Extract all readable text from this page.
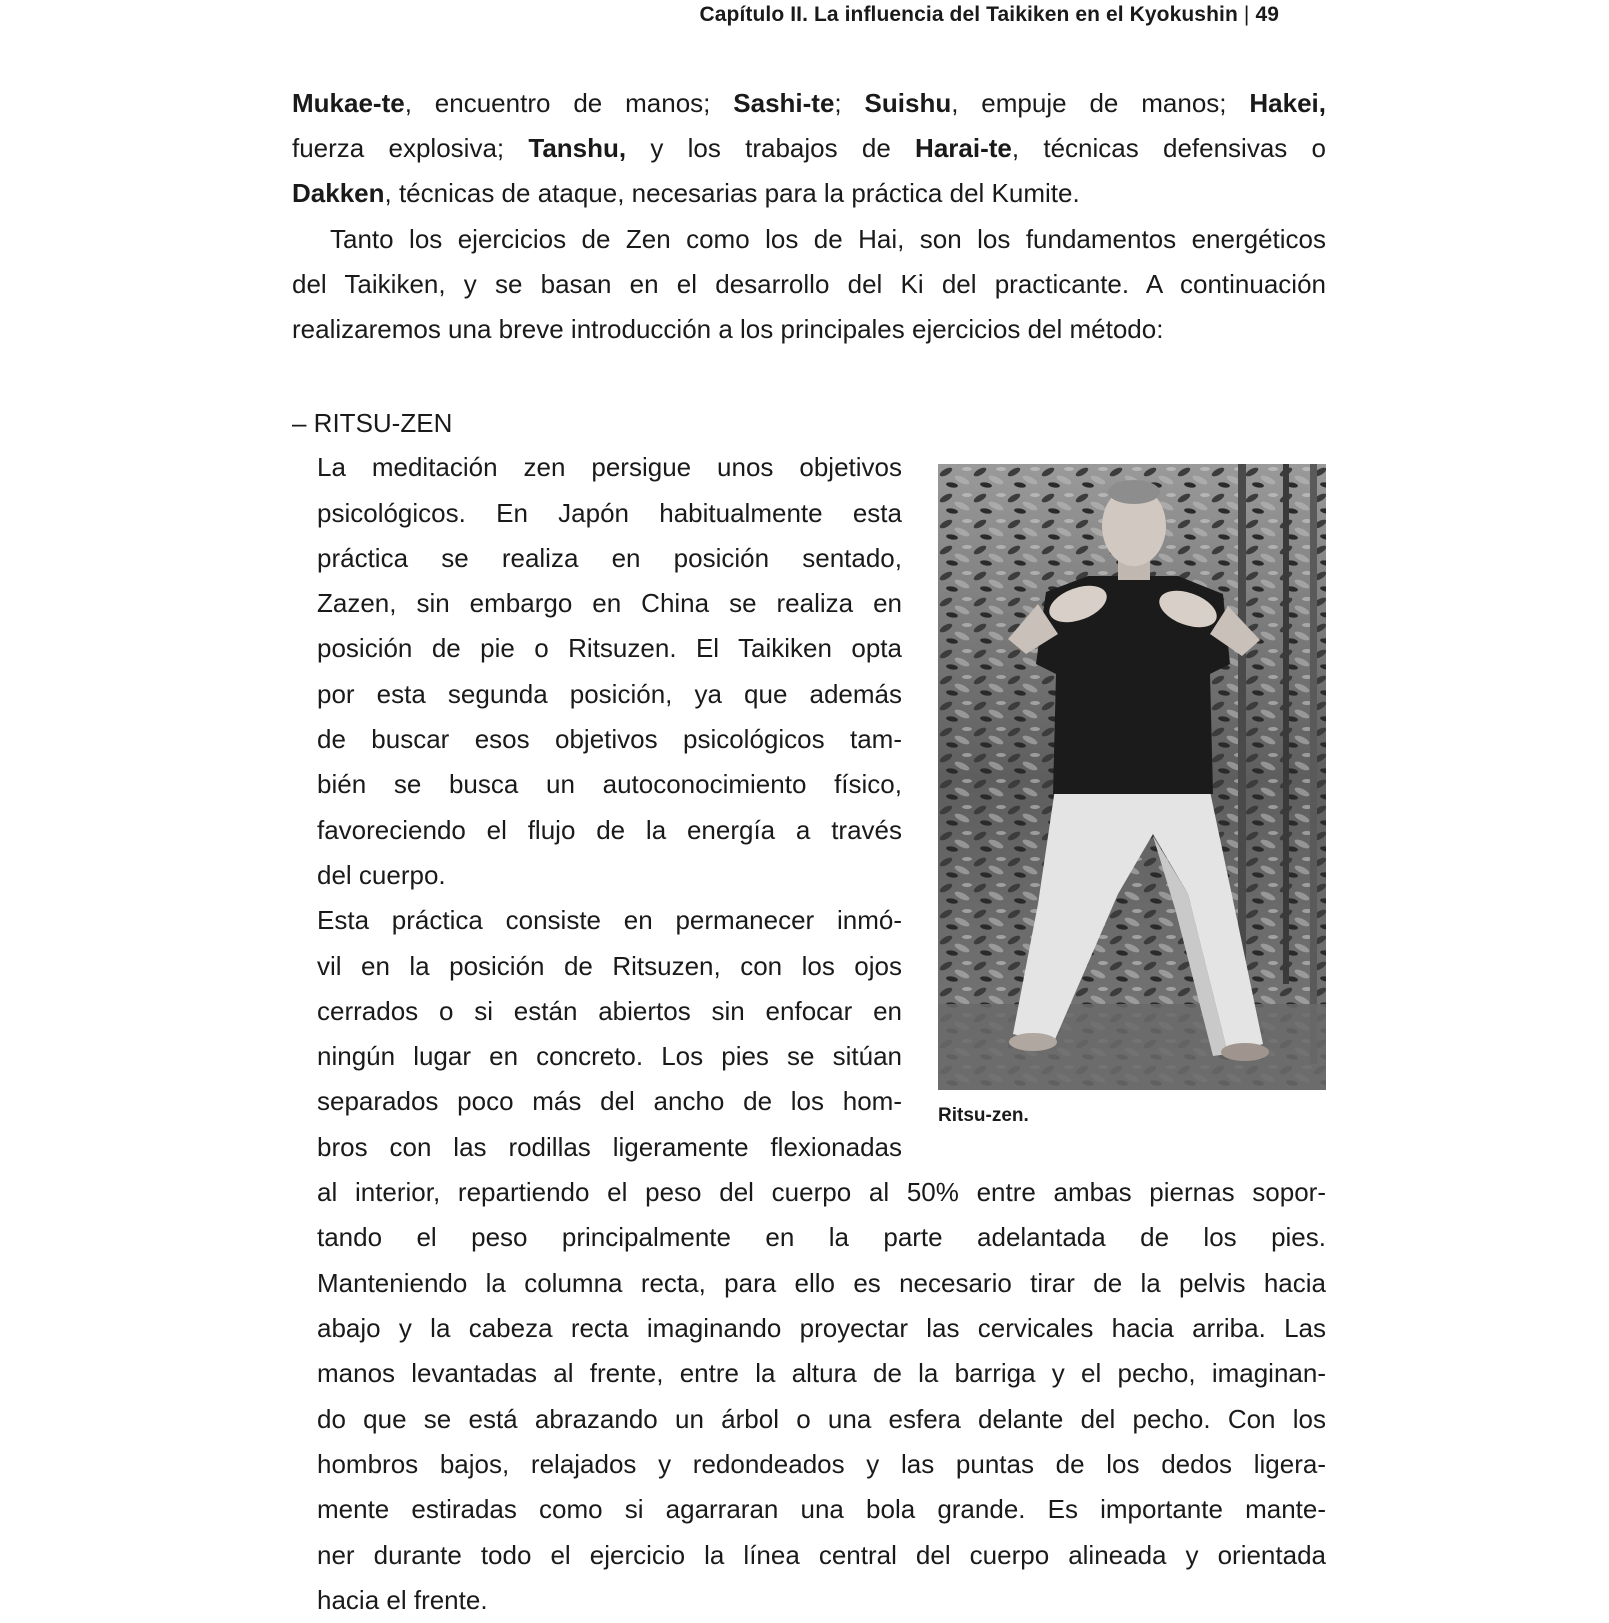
Capítulo II. La influencia del Taikiken en el Kyokushin | 49
Mukae-te, encuentro de manos; Sashi-te; Suishu, empuje de manos; Hakei,
fuerza explosiva; Tanshu, y los trabajos de Harai-te, técnicas defensivas o
Dakken, técnicas de ataque, necesarias para la práctica del Kumite.
Tanto los ejercicios de Zen como los de Hai, son los fundamentos energéticos
del Taikiken, y se basan en el desarrollo del Ki del practicante. A continuación
realizaremos una breve introducción a los principales ejercicios del método:
– RITSU-ZEN
La meditación zen persigue unos objetivos
psicológicos. En Japón habitualmente esta
práctica se realiza en posición sentado,
Zazen, sin embargo en China se realiza en
posición de pie o Ritsuzen. El Taikiken opta
por esta segunda posición, ya que además
de buscar esos objetivos psicológicos tam-
bién se busca un autoconocimiento físico,
favoreciendo el flujo de la energía a través
del cuerpo.
Esta práctica consiste en permanecer inmó-
vil en la posición de Ritsuzen, con los ojos
cerrados o si están abiertos sin enfocar en
ningún lugar en concreto. Los pies se sitúan
separados poco más del ancho de los hom-
bros con las rodillas ligeramente flexionadas
al interior, repartiendo el peso del cuerpo al 50% entre ambas piernas sopor-
tando el peso principalmente en la parte adelantada de los pies.
Manteniendo la columna recta, para ello es necesario tirar de la pelvis hacia
abajo y la cabeza recta imaginando proyectar las cervicales hacia arriba. Las
manos levantadas al frente, entre la altura de la barriga y el pecho, imaginan-
do que se está abrazando un árbol o una esfera delante del pecho. Con los
hombros bajos, relajados y redondeados y las puntas de los dedos ligera-
mente estiradas como si agarraran una bola grande. Es importante mante-
ner durante todo el ejercicio la línea central del cuerpo alineada y orientada
hacia el frente.
Ritsu-zen.
